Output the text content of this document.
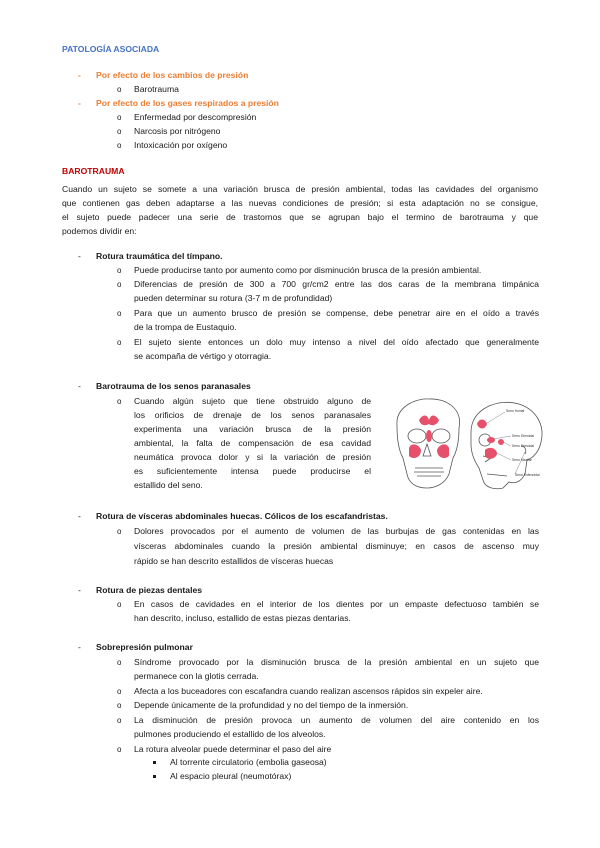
PATOLOGÍA ASOCIADA
- Por efecto de los cambios de presión
o Barotrauma
- Por efecto de los gases respirados a presión
o Enfermedad por descompresión
o Narcosis por nitrógeno
o Intoxicación por oxígeno
BAROTRAUMA
Cuando un sujeto se somete a una variación brusca de presión ambiental, todas las cavidades del organismo
que contienen gas deben adaptarse a las nuevas condiciones de presión; si esta adaptación no se consigue,
el sujeto puede padecer una serie de trastornos que se agrupan bajo el termino de barotrauma y que
podemos dividir en:
- Rotura traumática del tímpano.
o Puede producirse tanto por aumento como por disminución brusca de la presión ambiental.
o Diferencias de presión de 300 a 700 gr/cm2 entre las dos caras de la membrana timpánica
pueden determinar su rotura (3-7 m de profundidad)
o Para que un aumento brusco de presión se compense, debe penetrar aire en el oído a través
de la trompa de Eustaquio.
o El sujeto siente entonces un dolo muy intenso a nivel del oído afectado que generalmente
se acompaña de vértigo y otorragia.
- Barotrauma de los senos paranasales
o Cuando algún sujeto que tiene obstruido alguno de
los orificios de drenaje de los senos paranasales
experimenta una variación brusca de la presión
ambiental, la falta de compensación de esa cavidad
neumática provoca dolor y si la variación de presión
es suficientemente intensa puede producirse el
estallido del seno.
Seno frontal
Seno Etmoidal
Seno Etmoidal
Seno Maxilar
Seno Esfenoidal
- Rotura de vísceras abdominales huecas. Cólicos de los escafandristas.
o Dolores provocados por el aumento de volumen de las burbujas de gas contenidas en las
vísceras abdominales cuando la presión ambiental disminuye; en casos de ascenso muy
rápido se han descrito estallidos de vísceras huecas
- Rotura de piezas dentales
o En casos de cavidades en el interior de los dientes por un empaste defectuoso también se
han descrito, incluso, estallido de estas piezas dentarias.
- Sobrepresión pulmonar
o Síndrome provocado por la disminución brusca de la presión ambiental en un sujeto que
permanece con la glotis cerrada.
o Afecta a los buceadores con escafandra cuando realizan ascensos rápidos sin expeler aire.
o Depende únicamente de la profundidad y no del tiempo de la inmersión.
o La disminución de presión provoca un aumento de volumen del aire contenido en los
pulmones produciendo el estallido de los alveolos.
o La rotura alveolar puede determinar el paso del aire
Al torrente circulatorio (embolia gaseosa)
Al espacio pleural (neumotórax)
